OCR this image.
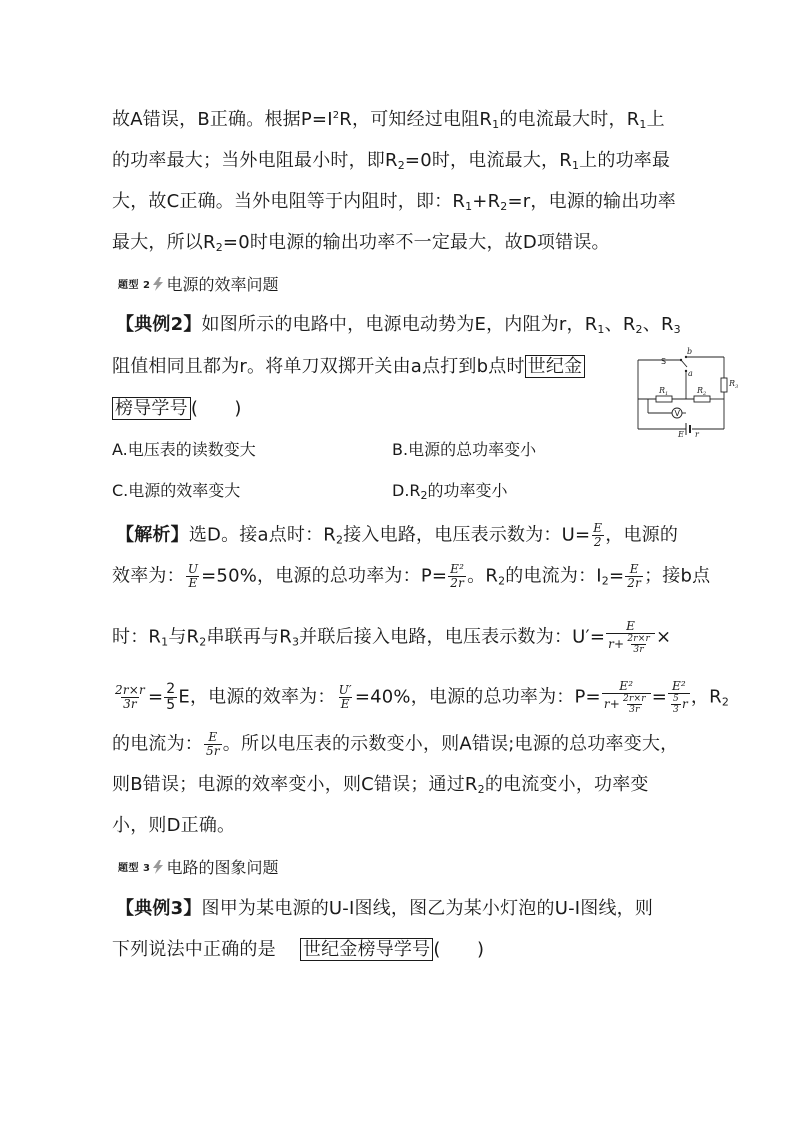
故A错误，B正确。根据$P=I^2R$，可知经过电阻$R_1$的电流最大时，$R_1$上
的功率最大；当外电阻最小时，即$R_2=0$时，电流最大，$R_1$上的功率最
大，故C正确。当外电阻等于内阻时，即：$R_1+R_2=r$，电源的输出功率
最大，所以$R_2=0$时电源的输出功率不一定最大，故D项错误。
题型 2 电源的效率问题
【典例2】如图所示的电路中，电源电动势为E，内阻为r，$R_1$、$R_2$、$R_3$
阻值相同且都为r。将单刀双掷开关由a点打到b点时 世纪金
榜导学号 (　　)
S
b
a
$R_1$	$R_2$
$R_3$
V
E r
A.电压表的读数变大	B.电源的总功率变小
C.电源的效率变大	$D.R_2$的功率变小
【解析】选D。接a点时：$R_2$接入电路，电压表示数为：$U= \frac{E}{2}$ ，电源的
效率为： $\frac{U}{E} =50\%$，电源的总功率为：$P= \frac{\text{E²}}{2r}$ 。$R_2$的电流为：$I_2= \frac{E}{2r}$ ；接b点
时：$R_1$与$R_2$串联再与$R_3$并联后接入电路，电压表示数为：$U'= \frac{E}{r+ \frac{2r\times r}{3r}}$ ×
$\frac{2r\times r}{3r} = \frac{2}{5}$ E，电源的效率为： $\frac{U'}{E} =40\%$，电源的总功率为：$P= \frac{\text{E²}}{r+ \frac{2r\times r}{3r}} = \frac{\text{E²}}{\frac{5}{3} r}$ ，$R_2$
的电流为： $\frac{E}{5r}$ 。所以电压表的示数变小，则A错误;电源的总功率变大，
则B错误；电源的效率变小，则C错误；通过$R_2$的电流变小，功率变
小，则D正确。
题型 3 电路的图象问题
【典例3】图甲为某电源的U-I图线，图乙为某小灯泡的U-I图线，则
下列说法中正确的是　 世纪金榜导学号 (　　)
